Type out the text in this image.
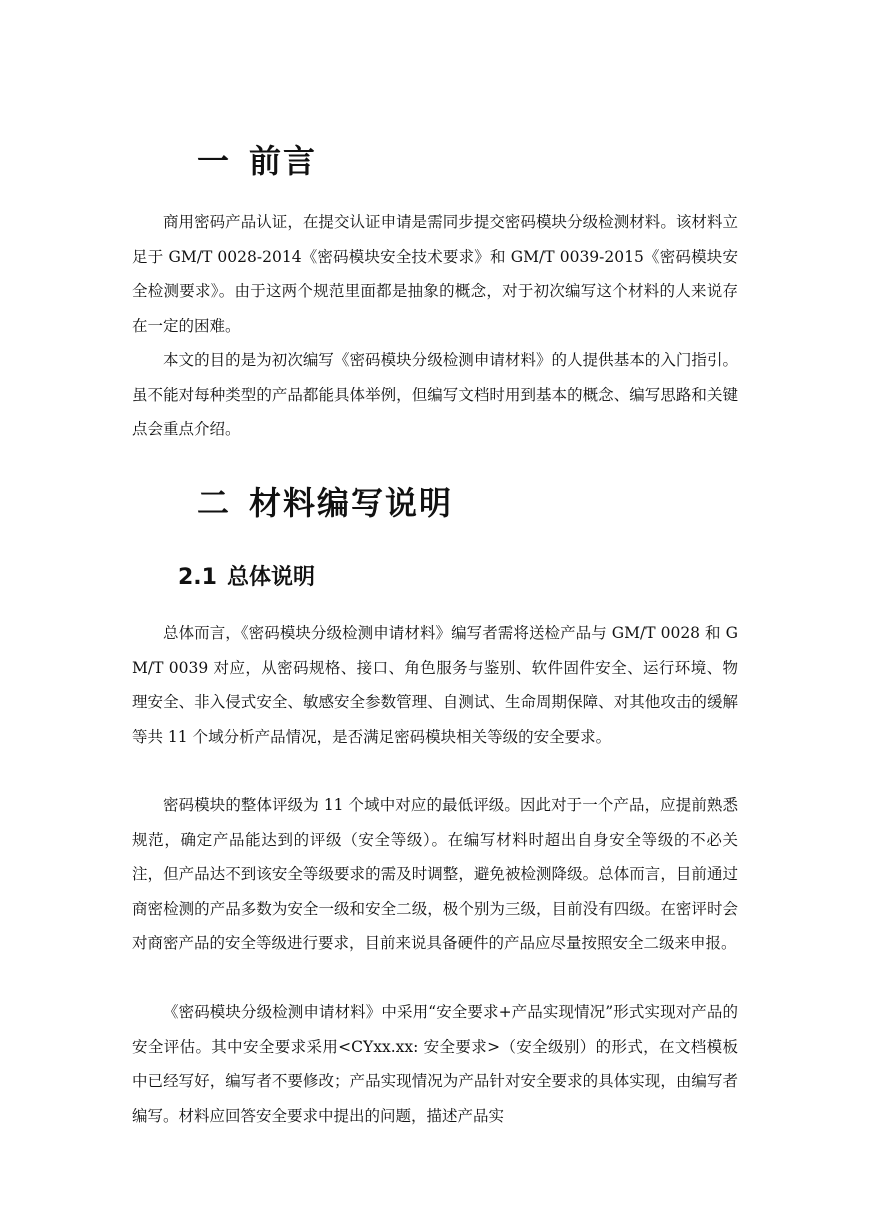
一 前言

商用密码产品认证，在提交认证申请是需同步提交密码模块分级检测材料。该材料立足于 GM/T 0028-2014《密码模块安全技术要求》和 GM/T 0039-2015《密码模块安全检测要求》。由于这两个规范里面都是抽象的概念，对于初次编写这个材料的人来说存在一定的困难。

本文的目的是为初次编写《密码模块分级检测申请材料》的人提供基本的入门指引。虽不能对每种类型的产品都能具体举例，但编写文档时用到基本的概念、编写思路和关键点会重点介绍。

二 材料编写说明
2.1 总体说明

总体而言，《密码模块分级检测申请材料》编写者需将送检产品与 GM/T 0028 和 GM/T 0039 对应，从密码规格、接口、角色服务与鉴别、软件固件安全、运行环境、物理安全、非入侵式安全、敏感安全参数管理、自测试、生命周期保障、对其他攻击的缓解等共 11 个域分析产品情况，是否满足密码模块相关等级的安全要求。

密码模块的整体评级为 11 个域中对应的最低评级。因此对于一个产品，应提前熟悉规范，确定产品能达到的评级（安全等级）。在编写材料时超出自身安全等级的不必关注，但产品达不到该安全等级要求的需及时调整，避免被检测降级。总体而言，目前通过商密检测的产品多数为安全一级和安全二级，极个别为三级，目前没有四级。在密评时会对商密产品的安全等级进行要求，目前来说具备硬件的产品应尽量按照安全二级来申报。

《密码模块分级检测申请材料》中采用“安全要求+产品实现情况”形式实现对产品的安全评估。其中安全要求采用<CYxx.xx: 安全要求>（安全级别）的形式，在文档模板中已经写好，编写者不要修改；产品实现情况为产品针对安全要求的具体实现，由编写者编写。材料应回答安全要求中提出的问题，描述产品实
